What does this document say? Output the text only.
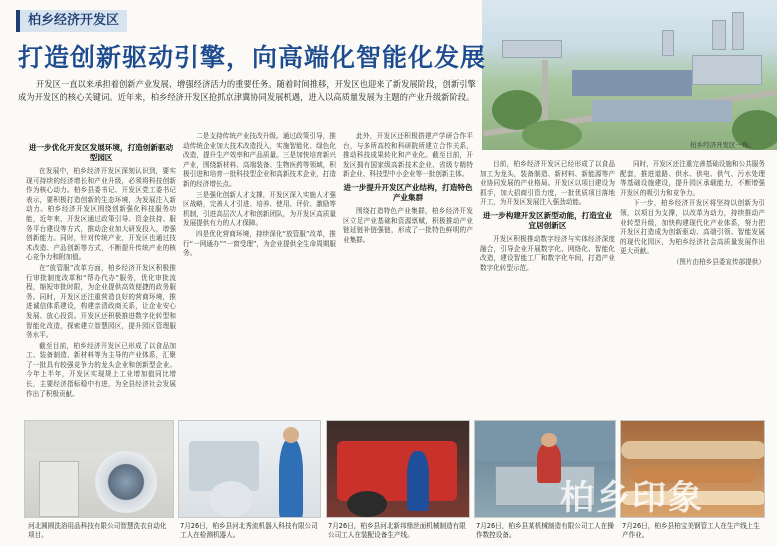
柏乡经济开发区一角。
柏乡经济开发区
打造创新驱动引擎，向高端化智能化发展
开发区一直以来承担着创新产业发展、增强经济活力的重要任务。随着时间推移，开发区也迎来了新发展阶段，创新引擎成为开发区的核心关键词。近年来，柏乡经济开发区抢抓京津冀协同发展机遇，进入以高质量发展为主题的产业升级新阶段。
进一步优化开发区发展环境，打造创新驱动型园区

在发展中，柏乡经济开发区深刻认识到，要实现可持续的经济增长和产业升级，必须将科技创新作为核心动力。柏乡县委书记、开发区党工委书记表示，要积极打造创新的生态环境，为发展注入新动力。柏乡经济开发区围绕创新强化科技服务功能，近年来，开发区通过政策引导、资金扶持、服务平台建设等方式，推动企业加大研发投入，增强创新能力。同时，针对传统产业，开发区也通过技术改造、产品创新等方式，不断提升传统产业的核心竞争力和附加值。

在“放管服”改革方面，柏乡经济开发区积极推行审批制度改革和“帮办代办”服务，优化审批流程，缩短审批时限，为企业提供高效便捷的政务服务。同时，开发区还注重营造良好的营商环境，推进诚信体系建设，构建亲清政商关系，让企业安心发展、放心投资。开发区还积极推进数字化转型和智能化改造，探索建立智慧园区，提升园区管理服务水平。

截至目前，柏乡经济开发区已形成了以食品加工、装备制造、新材料等为主导的产业体系，汇聚了一批具有较强竞争力的龙头企业和创新型企业。今年上半年，开发区实现规上工业增加值同比增长，主要经济指标稳中有进，为全县经济社会发展作出了积极贡献。

二是支持传统产业技改升级。通过政策引导，推动传统企业加大技术改造投入，实施智能化、绿色化改造，提升生产效率和产品质量。三是加快培育新兴产业，围绕新材料、高端装备、生物医药等领域，积极引进和培育一批科技型企业和高新技术企业，打造新的经济增长点。

三是强化创新人才支撑，开发区深入实施人才强区战略，完善人才引进、培养、使用、评价、激励等机制，引进高层次人才和创新团队，为开发区高质量发展提供有力的人才保障。

四是优化营商环境，持续深化“放管服”改革，推行“一网通办”“一窗受理”，为企业提供全生命周期服务。

此外，开发区还积极搭建产学研合作平台，与多所高校和科研院所建立合作关系，推动科技成果转化和产业化。截至目前，开发区拥有国家级高新技术企业、省级专精特新企业、科技型中小企业等一批创新主体。

进一步提升开发区产业结构，打造特色产业集群

围绕打造特色产业集群，柏乡经济开发区立足产业基础和资源禀赋，积极推动产业链延链补链强链，形成了一批特色鲜明的产业集群。

目前，柏乡经济开发区已经形成了以食品加工为龙头，装备制造、新材料、新能源等产业协同发展的产业格局。开发区以项目建设为抓手，加大招商引资力度，一批优质项目落地开工，为开发区发展注入强劲动能。

进一步构建开发区新型动能，打造宜业宜居创新区

开发区积极推动数字经济与实体经济深度融合，引导企业开展数字化、网络化、智能化改造，建设智能工厂和数字化车间，打造产业数字化转型示范。

同时，开发区还注重完善基础设施和公共服务配套，推进道路、供水、供电、供气、污水处理等基础设施建设，提升园区承载能力，不断增强开发区的吸引力和竞争力。

下一步，柏乡经济开发区将坚持以创新为引领，以项目为支撑，以改革为动力，持续推动产业转型升级，加快构建现代化产业体系，努力把开发区打造成为创新驱动、高端引领、智能发展的现代化园区，为柏乡经济社会高质量发展作出更大贡献。

（图片由柏乡县委宣传部提供）
河北圆圆洗浴用品科技有限公司智慧洗衣自动化项目。
7月26日，柏乡县河北秀流机器人科技有限公司工人在检测机器人。
7月26日，柏乡县河北新邦鼎丝面机械制造有限公司工人在装配设备生产线。
7月26日，柏乡县某机械制造有限公司工人在操作数控设备。
7月26日，柏乡县柏宝美钢管工人在生产线上生产作业。
柏乡印象
